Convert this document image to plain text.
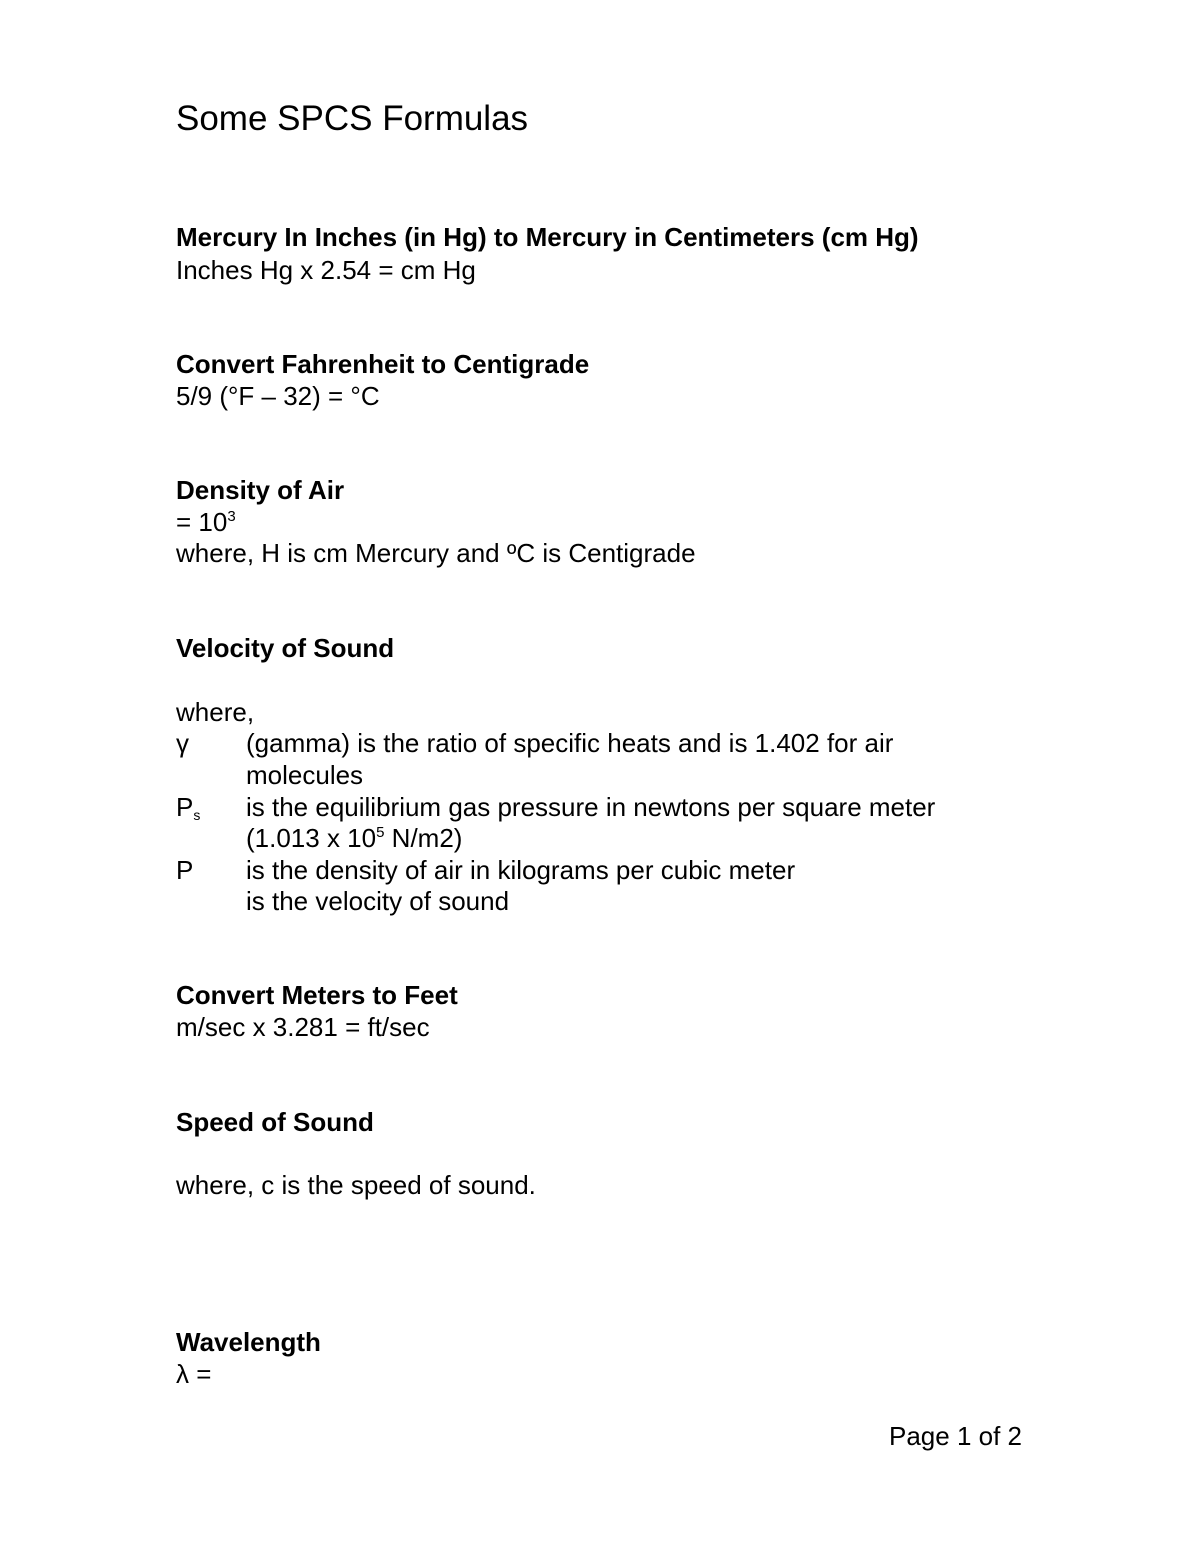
Some SPCS Formulas
Mercury In Inches (in Hg) to Mercury in Centimeters (cm Hg)
Inches Hg x 2.54 = cm Hg
Convert Fahrenheit to Centigrade
5/9 (°F – 32) = °C
Density of Air
= $10^3$
where, H is cm Mercury and ºC is Centigrade
Velocity of Sound
where,
γ (gamma) is the ratio of specific heats and is 1.402 for air
molecules
$P_s$ is the equilibrium gas pressure in newtons per square meter
(1.013 x $10^5$ N/m2)
P is the density of air in kilograms per cubic meter
is the velocity of sound
Convert Meters to Feet
m/sec x 3.281 = ft/sec
Speed of Sound
where, c is the speed of sound.
Wavelength
λ =
Page 1 of 2
